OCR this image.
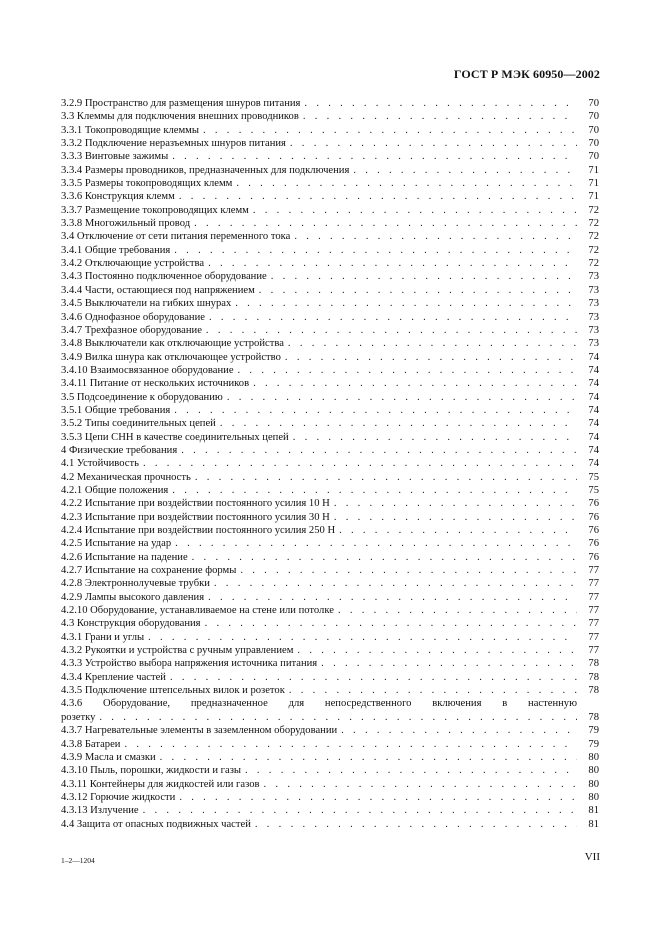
ГОСТ Р МЭК 60950—2002
3.2.9 Пространство для размещения шнуров питания . . .	70
3.3 Клеммы для подключения внешних проводников . . .	70
3.3.1 Токопроводящие клеммы . . .	70
3.3.2 Подключение неразъемных шнуров питания . . .	70
3.3.3 Винтовые зажимы . . .	70
3.3.4 Размеры проводников, предназначенных для подключения . . .	71
3.3.5 Размеры токопроводящих клемм . . .	71
3.3.6 Конструкция клемм . . .	71
3.3.7 Размещение токопроводящих клемм . . .	72
3.3.8 Многожильный провод . . .	72
3.4 Отключение от сети питания переменного тока . . .	72
3.4.1 Общие требования . . .	72
3.4.2 Отключающие устройства . . .	72
3.4.3 Постоянно подключенное оборудование . . .	73
3.4.4 Части, остающиеся под напряжением . . .	73
3.4.5 Выключатели на гибких шнурах . . .	73
3.4.6 Однофазное оборудование . . .	73
3.4.7 Трехфазное оборудование . . .	73
3.4.8 Выключатели как отключающие устройства . . .	73
3.4.9 Вилка шнура как отключающее устройство . . .	74
3.4.10 Взаимосвязанное оборудование . . .	74
3.4.11 Питание от нескольких источников . . .	74
3.5 Подсоединение к оборудованию . . .	74
3.5.1 Общие требования . . .	74
3.5.2 Типы соединительных цепей . . .	74
3.5.3 Цепи СНН в качестве соединительных цепей . . .	74
4 Физические требования . . .	74
4.1 Устойчивость . . .	74
4.2 Механическая прочность . . .	75
4.2.1 Общие положения . . .	75
4.2.2 Испытание при воздействии постоянного усилия 10 Н . . .	76
4.2.3 Испытание при воздействии постоянного усилия 30 Н . . .	76
4.2.4 Испытание при воздействии постоянного усилия 250 Н . . .	76
4.2.5 Испытание на удар . . .	76
4.2.6 Испытание на падение . . .	76
4.2.7 Испытание на сохранение формы . . .	77
4.2.8 Электроннолучевые трубки . . .	77
4.2.9 Лампы высокого давления . . .	77
4.2.10 Оборудование, устанавливаемое на стене или потолке . . .	77
4.3 Конструкция оборудования . . .	77
4.3.1 Грани и углы . . .	77
4.3.2 Рукоятки и устройства с ручным управлением . . .	77
4.3.3 Устройство выбора напряжения источника питания . . .	78
4.3.4 Крепление частей . . .	78
4.3.5 Подключение штепсельных вилок и розеток . . .	78
4.3.6 Оборудование, предназначенное для непосредственного включения в настенную
розетку . . .	78
4.3.7 Нагревательные элементы в заземленном оборудовании . . .	79
4.3.8 Батареи . . .	79
4.3.9 Масла и смазки . . .	80
4.3.10 Пыль, порошки, жидкости и газы . . .	80
4.3.11 Контейнеры для жидкостей или газов . . .	80
4.3.12 Горючие жидкости . . .	80
4.3.13 Излучение . . .	81
4.4 Защита от опасных подвижных частей . . .	81
1–2—1204	VII
